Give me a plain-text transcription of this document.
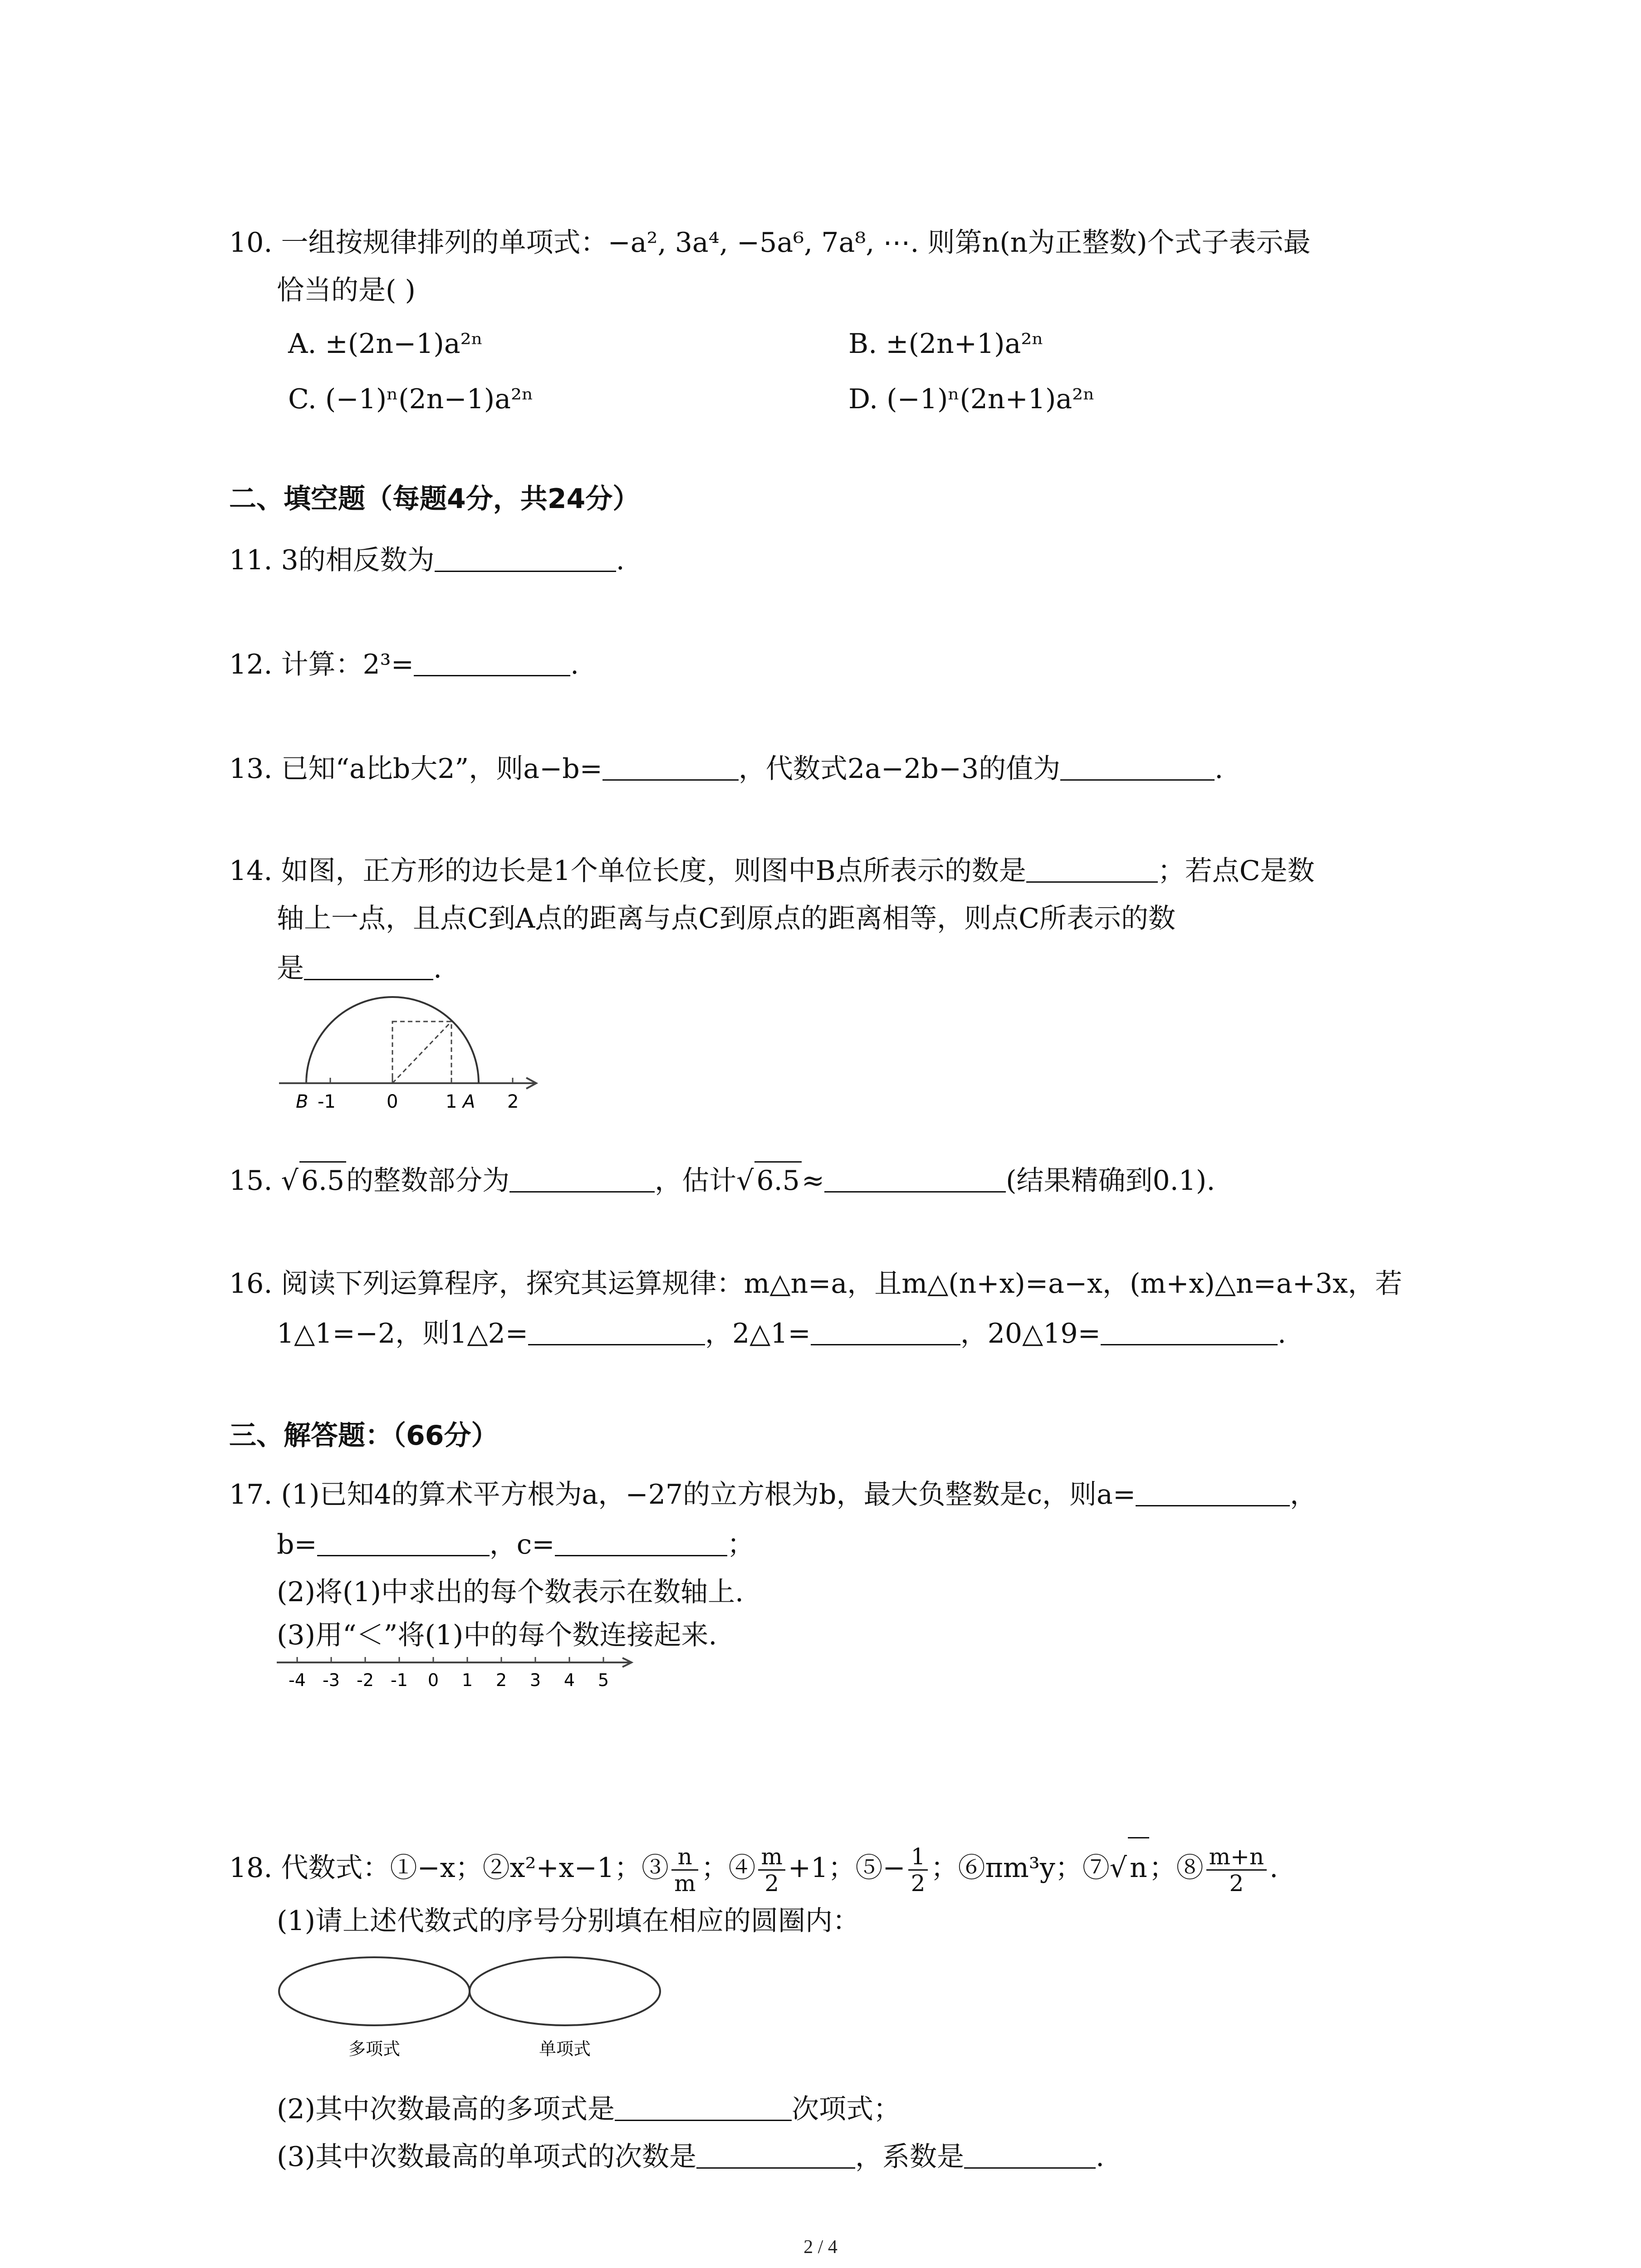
10. 一组按规律排列的单项式：−a², 3a⁴, −5a⁶, 7a⁸, ⋯. 则第n(n为正整数)个式子表示最
恰当的是( )
A. ±(2n−1)a²ⁿ	B. ±(2n+1)a²ⁿ
C. (−1)ⁿ(2n−1)a²ⁿ	D. (−1)ⁿ(2n+1)a²ⁿ
二、填空题（每题4分，共24分）
11. 3的相反数为	.
12. 计算：2³=	.
13. 已知“a比b大2”，则a−b=	，代数式2a−2b−3的值为	.
14. 如图，正方形的边长是1个单位长度，则图中B点所表示的数是	；若点C是数
轴上一点，且点C到A点的距离与点C到原点的距离相等，则点C所表示的数
是	.
B -1	0	1 A 2
15. √ 6.5的整数部分为	，估计√ 6.5≈	(结果精确到0.1).
16. 阅读下列运算程序，探究其运算规律：m△n=a，且m△(n+x)=a−x，(m+x)△n=a+3x，若
1△1=−2，则1△2=	，2△1=	，20△19=	.
三、解答题：（66分）
17. (1)已知4的算术平方根为a，−27的立方根为b，最大负整数是c，则a=	，
b=	，c=	；
(2)将(1)中求出的每个数表示在数轴上.
(3)用“＜”将(1)中的每个数连接起来.
-4 -3 -2 -1 0 1 2 3 4 5
18. 代数式：①−x；②x²+x−1；③ $\frac{n}{m}$ ；④ $\frac{m}{2} +1$；⑤− $\frac{1}{2}$ ；⑥πm³y；⑦√ n；⑧ $\frac{m+n}{2}$ .
(1)请上述代数式的序号分别填在相应的圆圈内：
多项式	单项式
(2)其中次数最高的多项式是	次项式；
(3)其中次数最高的单项式的次数是	，系数是	.
2 / 4
